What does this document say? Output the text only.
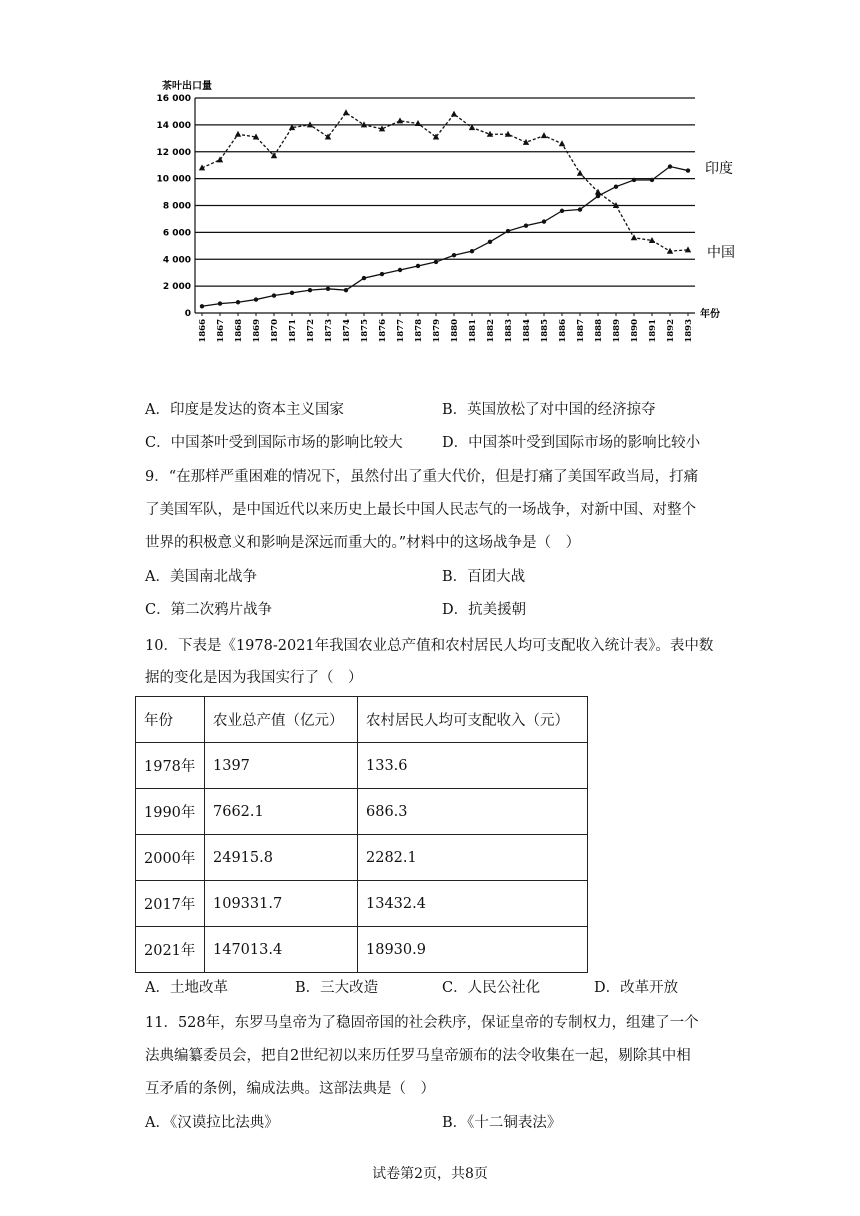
0
2 000
4 000
6 000
8 000
10 000
12 000
14 000
16 000
1866 1867 1868 1869 1870 1871 1872 1873 1874 1875 1876 1877 1878 1879 1880 1881 1882 1883 1884 1885 1886 1887 1888 1889 1890 1891 1892 1893
茶叶出口量
年份
印度
中国
A．印度是发达的资本主义国家	B．英国放松了对中国的经济掠夺
C．中国茶叶受到国际市场的影响比较大	D．中国茶叶受到国际市场的影响比较小
9．“在那样严重困难的情况下，虽然付出了重大代价，但是打痛了美国军政当局，打痛
了美国军队，是中国近代以来历史上最长中国人民志气的一场战争，对新中国、对整个
世界的积极意义和影响是深远而重大的。”材料中的这场战争是（　）
A．美国南北战争	B．百团大战
C．第二次鸦片战争	D．抗美援朝
10．下表是《1978-2021年我国农业总产值和农村居民人均可支配收入统计表》。表中数
据的变化是因为我国实行了（　）
年份	农业总产值（亿元）	农村居民人均可支配收入（元）
1978年	1397	133.6
1990年	7662.1	686.3
2000年	24915.8	2282.1
2017年	109331.7	13432.4
2021年	147013.4	18930.9
A．土地改革	B．三大改造	C．人民公社化	D．改革开放
11．528年，东罗马皇帝为了稳固帝国的社会秩序，保证皇帝的专制权力，组建了一个
法典编纂委员会，把自2世纪初以来历任罗马皇帝颁布的法令收集在一起，剔除其中相
互矛盾的条例，编成法典。这部法典是（　）
A．《汉谟拉比法典》	B．《十二铜表法》
试卷第2页，共8页
